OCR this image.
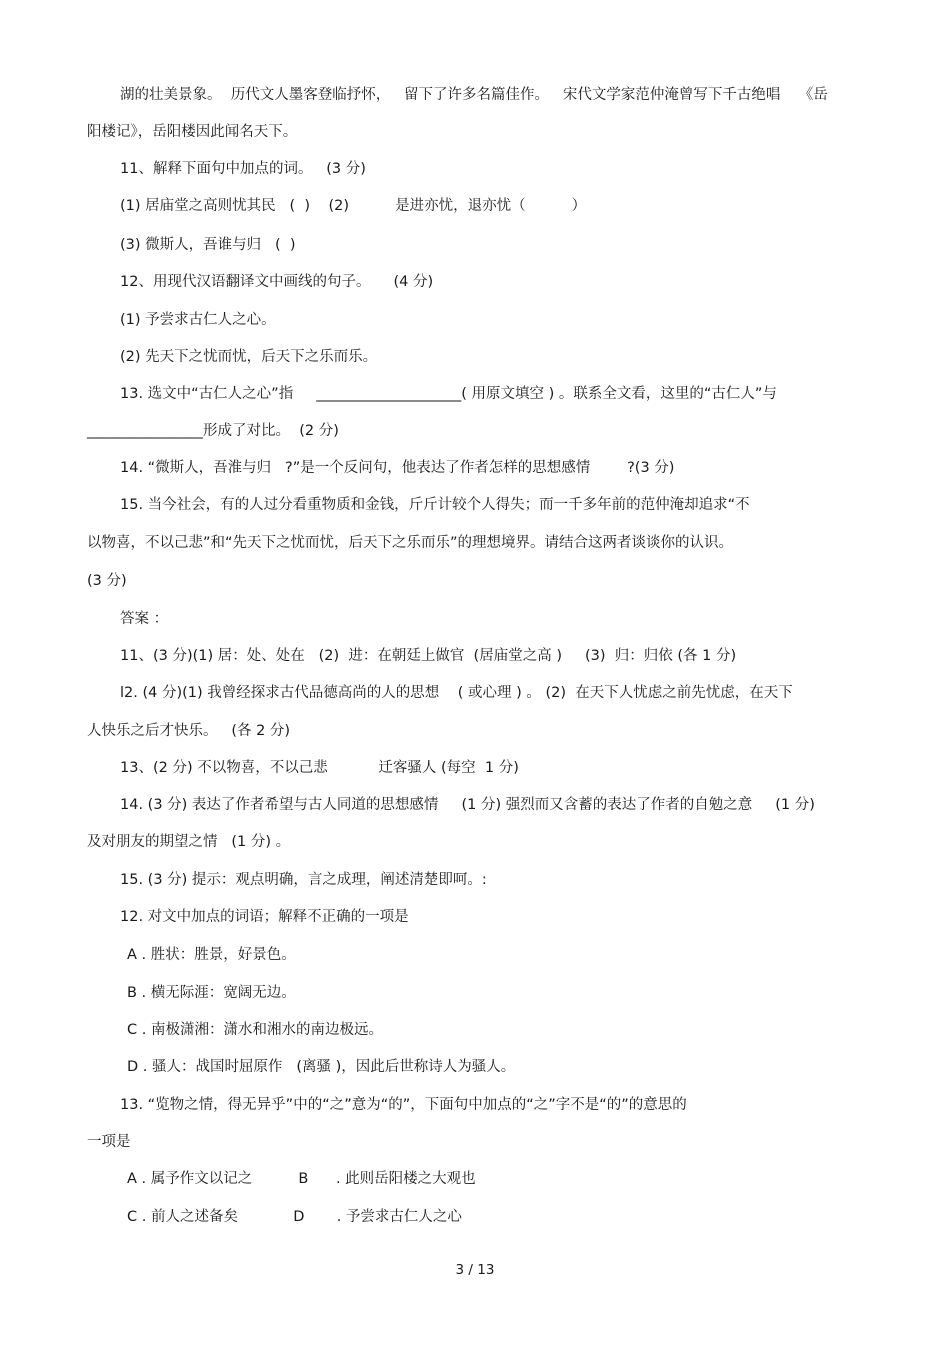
湖的壮美景象。  历代文人墨客登临抒怀，   留下了许多名篇佳作。   宋代文学家范仲淹曾写下千古绝唱    《岳
阳楼记》，岳阳楼因此闻名天下。
11、解释下面句中加点的词。   (3 分)
(1) 居庙堂之高则忧其民   (  )    (2)          是进亦忧，退亦忧（          ）
(3) 微斯人，吾谁与归   (  )
12、用现代汉语翻译文中画线的句子。     (4 分)
(1) 予尝求古仁人之心。
(2) 先天下之忧而忧，后天下之乐而乐。
13. 选文中“古仁人之心”指     ____________________( 用原文填空 ) 。联系全文看，这里的“古仁人”与
________________形成了对比。  (2 分)
14. “微斯人，吾淮与归   ?”是一个反问句，他表达了作者怎样的思想感情        ?(3 分)
15. 当今社会，有的人过分看重物质和金钱，斤斤计较个人得失；而一千多年前的范仲淹却追求“不
以物喜，不以己悲”和“先天下之忧而忧，后天下之乐而乐”的理想境界。请结合这两者谈谈你的认识。
(3 分)
答案 ：
11、(3 分)(1) 居：处、处在   (2)  进：在朝廷上做官  (居庙堂之高 )     (3)  归：归依 (各 1 分)
l2. (4 分)(1) 我曾经探求古代品德高尚的人的思想    ( 或心理 ) 。 (2)  在天下人忧虑之前先忧虑，在天下
人快乐之后才快乐。   (各 2 分)
13、(2 分) 不以物喜，不以己悲           迁客骚人 (每空  1 分)
14. (3 分) 表达了作者希望与古人同道的思想感情     (1 分) 强烈而又含蓄的表达了作者的自勉之意     (1 分)
及对朋友的期望之情   (1 分) 。
15. (3 分) 提示：观点明确，言之成理，阐述清楚即呵。:
12. 对文中加点的词语；解释不正确的一项是
A . 胜状：胜景，好景色。
B . 横无际涯：宽阔无边。
C . 南极潇湘：潇水和湘水的南边极远。
D . 骚人：战国时屈原作   (离骚 )，因此后世称诗人为骚人。
13. “览物之情，得无异乎”中的“之”意为“的”，下面句中加点的“之”字不是“的”的意思的
一项是
A . 属予作文以记之          B      . 此则岳阳楼之大观也
C . 前人之述备矣            D       . 予尝求古仁人之心
3 / 13
